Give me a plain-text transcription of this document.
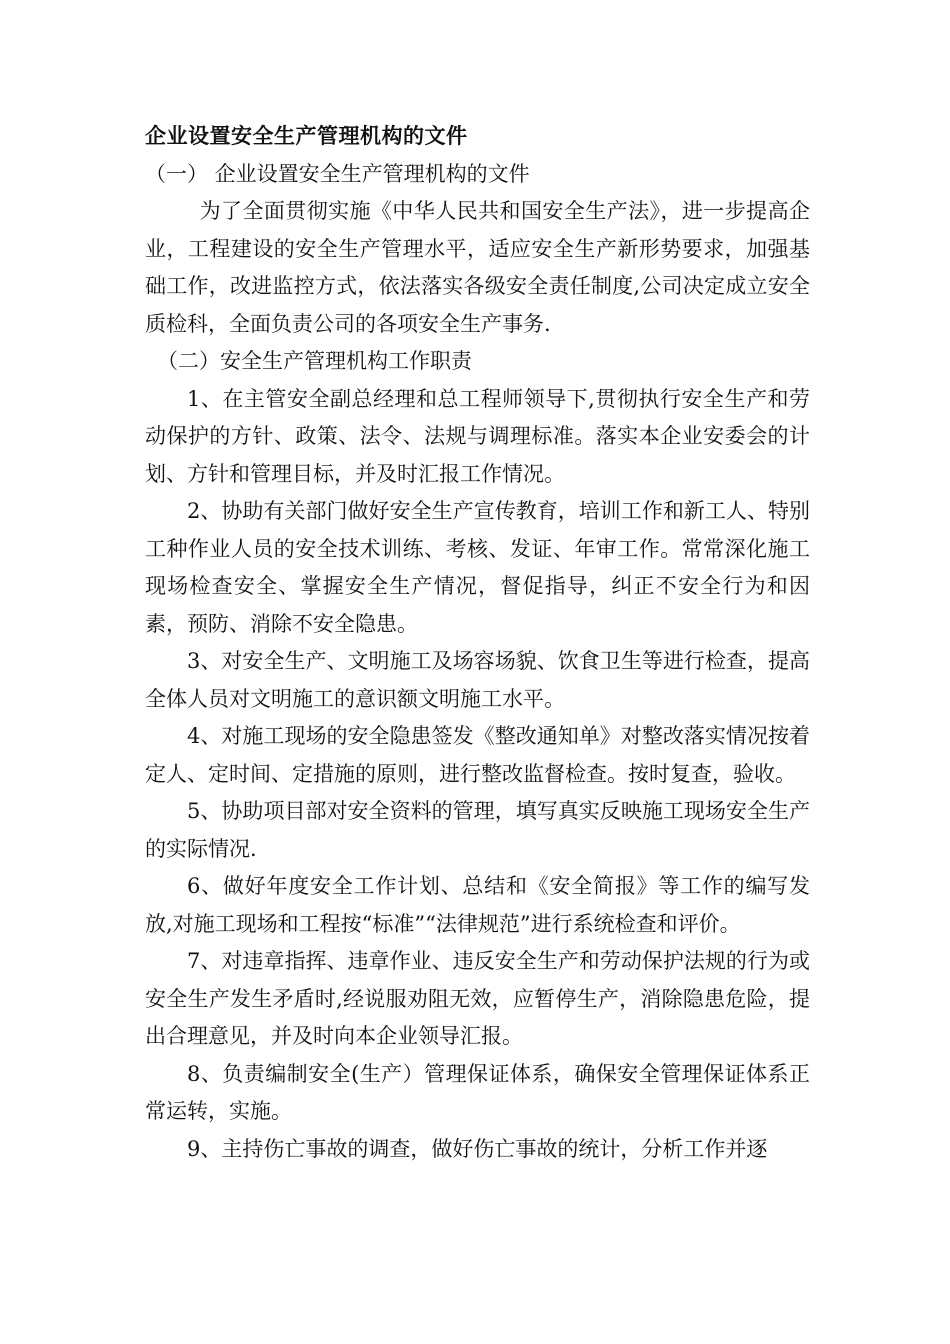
企业设置安全生产管理机构的文件

（一） 企业设置安全生产管理机构的文件

为了全面贯彻实施《中华人民共和国安全生产法》，进一步提高企业，工程建设的安全生产管理水平，适应安全生产新形势要求，加强基础工作，改进监控方式，依法落实各级安全责任制度,公司决定成立安全质检科，全面负责公司的各项安全生产事务.

（二）安全生产管理机构工作职责

1、在主管安全副总经理和总工程师领导下,贯彻执行安全生产和劳动保护的方针、政策、法令、法规与调理标准。落实本企业安委会的计划、方针和管理目标，并及时汇报工作情况。

2、协助有关部门做好安全生产宣传教育，培训工作和新工人、特别工种作业人员的安全技术训练、考核、发证、年审工作。常常深化施工现场检查安全、掌握安全生产情况，督促指导，纠正不安全行为和因素，预防、消除不安全隐患。

3、对安全生产、文明施工及场容场貌、饮食卫生等进行检查，提高全体人员对文明施工的意识额文明施工水平。

4、对施工现场的安全隐患签发《整改通知单》对整改落实情况按着定人、定时间、定措施的原则，进行整改监督检查。按时复查，验收。

5、协助项目部对安全资料的管理，填写真实反映施工现场安全生产的实际情况.

6、做好年度安全工作计划、总结和《安全简报》等工作的编写发放,对施工现场和工程按“标准”“法律规范”进行系统检查和评价。

7、对违章指挥、违章作业、违反安全生产和劳动保护法规的行为或安全生产发生矛盾时,经说服劝阻无效，应暂停生产，消除隐患危险，提出合理意见，并及时向本企业领导汇报。

8、负责编制安全(生产）管理保证体系，确保安全管理保证体系正常运转，实施。

9、主持伤亡事故的调查，做好伤亡事故的统计，分析工作并逐
